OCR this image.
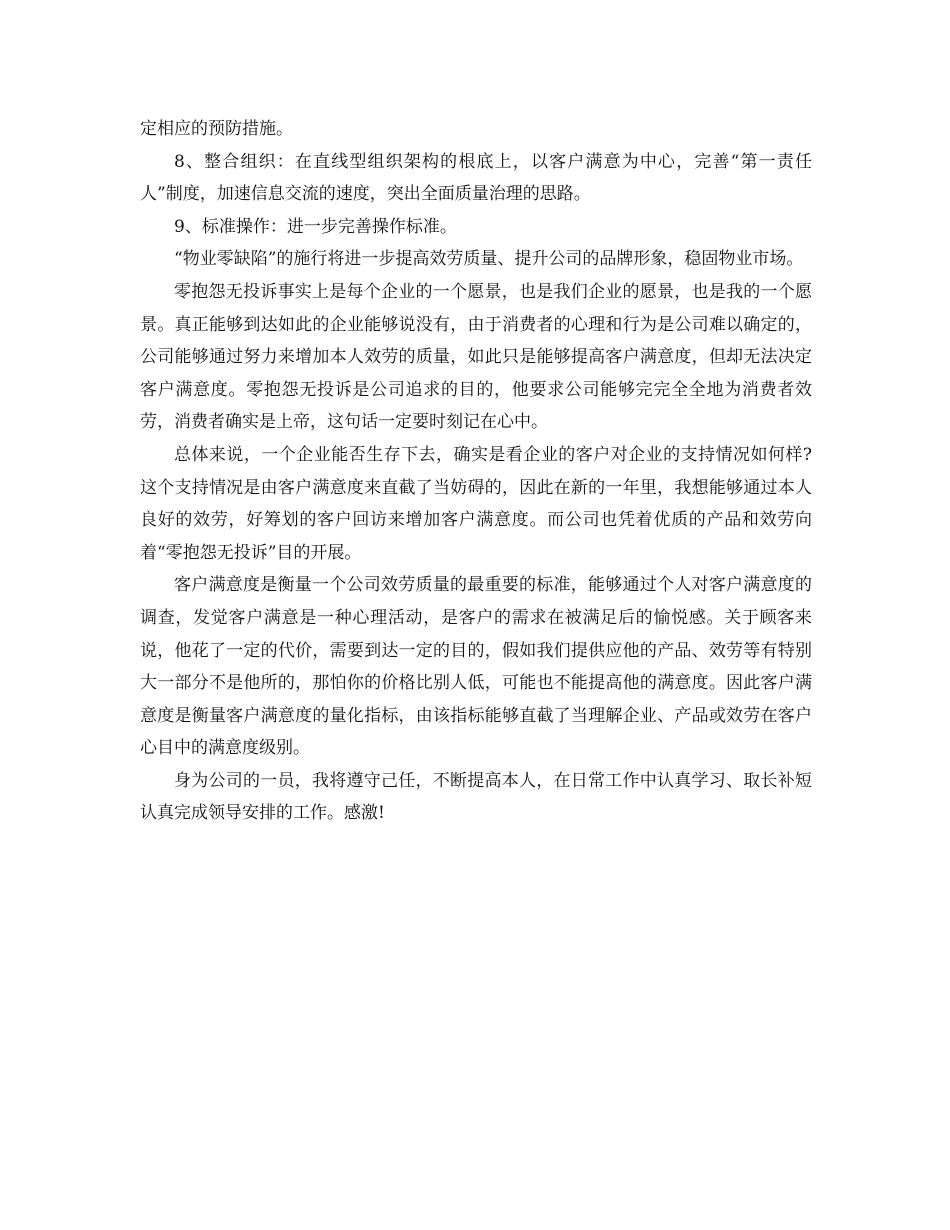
定相应的预防措施。

8、整合组织：在直线型组织架构的根底上，以客户满意为中心，完善“第一责任人”制度，加速信息交流的速度，突出全面质量治理的思路。

9、标准操作：进一步完善操作标准。

“物业零缺陷”的施行将进一步提高效劳质量、提升公司的品牌形象，稳固物业市场。

零抱怨无投诉事实上是每个企业的一个愿景，也是我们企业的愿景，也是我的一个愿景。真正能够到达如此的企业能够说没有，由于消费者的心理和行为是公司难以确定的，公司能够通过努力来增加本人效劳的质量，如此只是能够提高客户满意度，但却无法决定客户满意度。零抱怨无投诉是公司追求的目的，他要求公司能够完完全全地为消费者效劳，消费者确实是上帝，这句话一定要时刻记在心中。

总体来说，一个企业能否生存下去，确实是看企业的客户对企业的支持情况如何样?这个支持情况是由客户满意度来直截了当妨碍的，因此在新的一年里，我想能够通过本人良好的效劳，好筹划的客户回访来增加客户满意度。而公司也凭着优质的产品和效劳向着“零抱怨无投诉”目的开展。

客户满意度是衡量一个公司效劳质量的最重要的标准，能够通过个人对客户满意度的调查，发觉客户满意是一种心理活动，是客户的需求在被满足后的愉悦感。关于顾客来说，他花了一定的代价，需要到达一定的目的，假如我们提供应他的产品、效劳等有特别大一部分不是他所的，那怕你的价格比别人低，可能也不能提高他的满意度。因此客户满意度是衡量客户满意度的量化指标，由该指标能够直截了当理解企业、产品或效劳在客户心目中的满意度级别。

身为公司的一员，我将遵守己任，不断提高本人，在日常工作中认真学习、取长补短认真完成领导安排的工作。感激!
